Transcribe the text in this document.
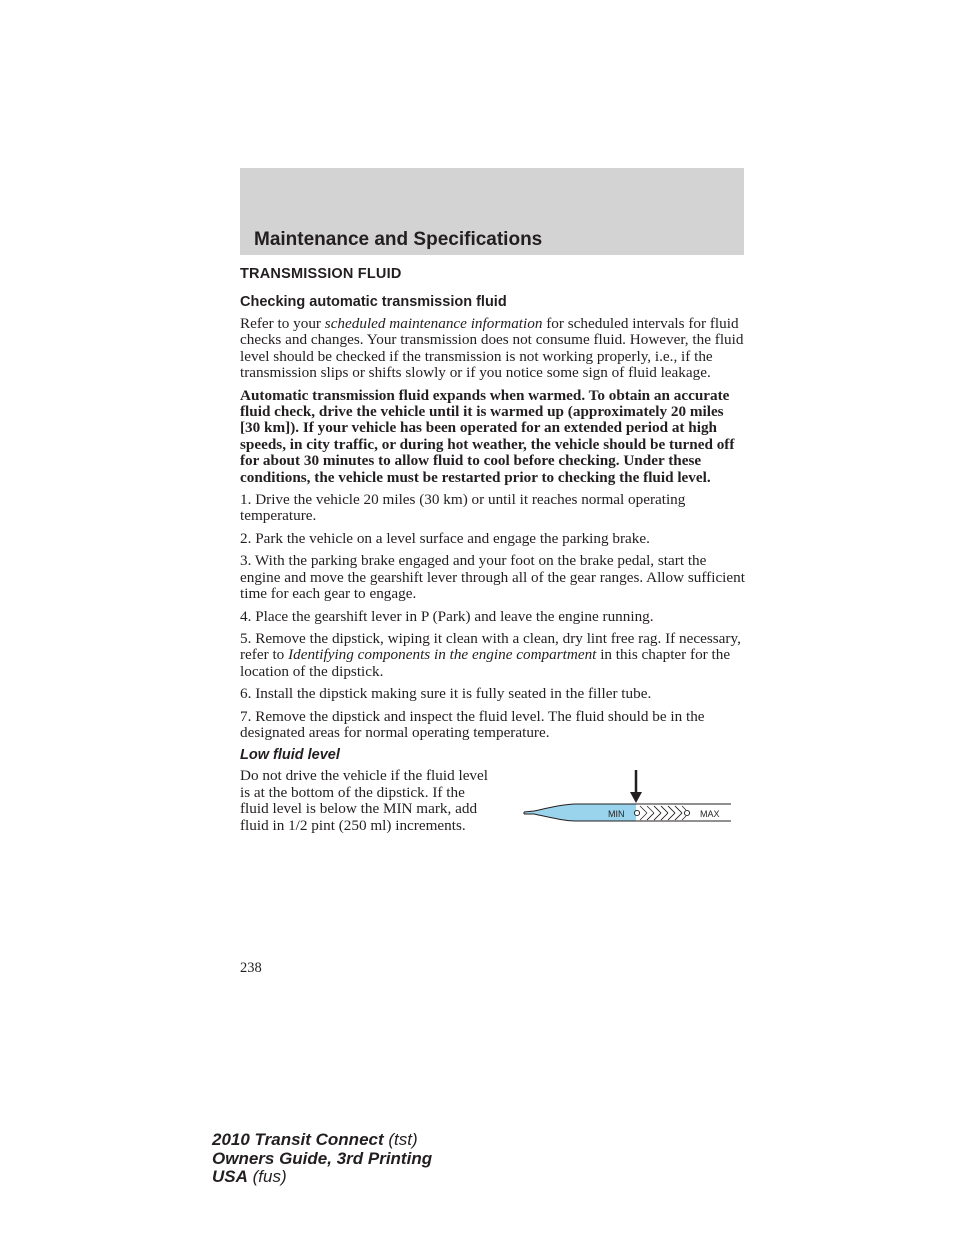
Maintenance and Specifications
TRANSMISSION FLUID
Checking automatic transmission fluid

Refer to your scheduled maintenance information for scheduled intervals for fluid checks and changes. Your transmission does not consume fluid. However, the fluid level should be checked if the transmission is not working properly, i.e., if the transmission slips or shifts slowly or if you notice some sign of fluid leakage.

Automatic transmission fluid expands when warmed. To obtain an accurate fluid check, drive the vehicle until it is warmed up (approximately 20 miles [30 km]). If your vehicle has been operated for an extended period at high speeds, in city traffic, or during hot weather, the vehicle should be turned off for about 30 minutes to allow fluid to cool before checking. Under these conditions, the vehicle must be restarted prior to checking the fluid level.

1. Drive the vehicle 20 miles (30 km) or until it reaches normal operating temperature.

2. Park the vehicle on a level surface and engage the parking brake.

3. With the parking brake engaged and your foot on the brake pedal, start the engine and move the gearshift lever through all of the gear ranges. Allow sufficient time for each gear to engage.

4. Place the gearshift lever in P (Park) and leave the engine running.

5. Remove the dipstick, wiping it clean with a clean, dry lint free rag. If necessary, refer to Identifying components in the engine compartment in this chapter for the location of the dipstick.

6. Install the dipstick making sure it is fully seated in the filler tube.

7. Remove the dipstick and inspect the fluid level. The fluid should be in the designated areas for normal operating temperature.

Low fluid level

Do not drive the vehicle if the fluid level is at the bottom of the dipstick. If the fluid level is below the MIN mark, add fluid in 1/2 pint (250 ml) increments.

MIN	MAX
238
2010 Transit Connect (tst)
Owners Guide, 3rd Printing
USA (fus)
